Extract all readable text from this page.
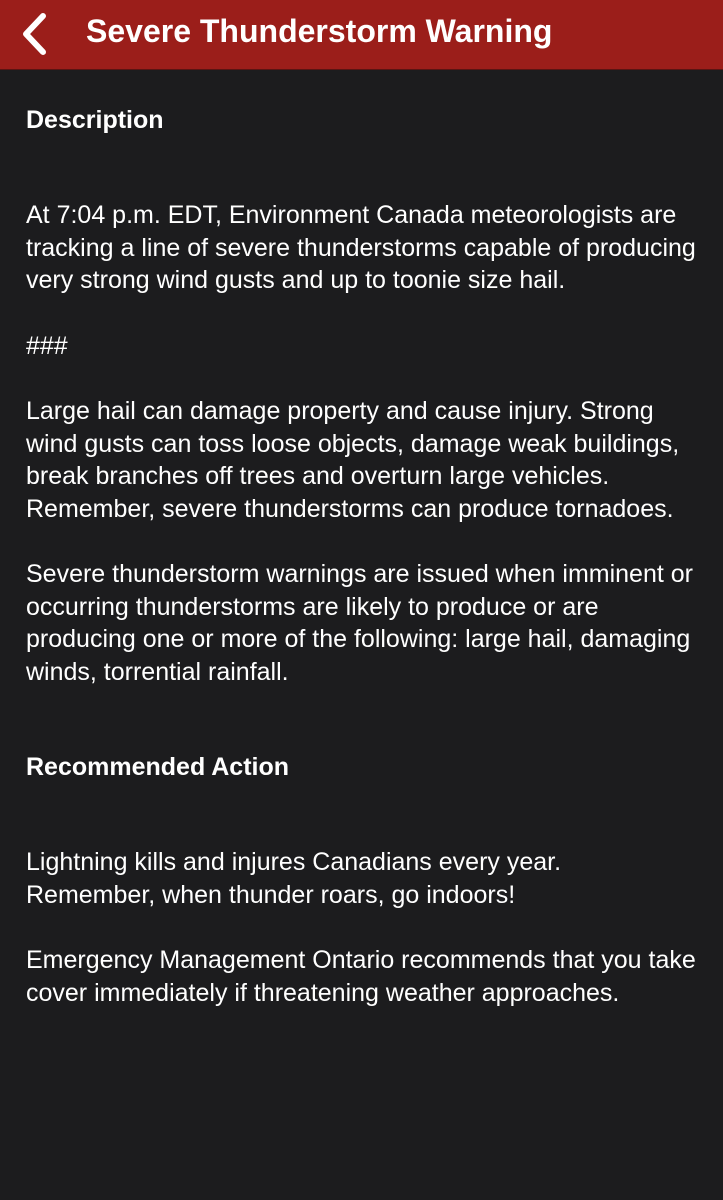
Severe Thunderstorm Warning
Description

At 7:04 p.m. EDT, Environment Canada meteorologists are tracking a line of severe thunderstorms capable of producing very strong wind gusts and up to toonie size hail.

###

Large hail can damage property and cause injury. Strong wind gusts can toss loose objects, damage weak buildings, break branches off trees and overturn large vehicles. Remember, severe thunderstorms can produce tornadoes.

Severe thunderstorm warnings are issued when imminent or occurring thunderstorms are likely to produce or are producing one or more of the following: large hail, damaging winds, torrential rainfall.

Recommended Action

Lightning kills and injures Canadians every year. Remember, when thunder roars, go indoors!

Emergency Management Ontario recommends that you take cover immediately if threatening weather approaches.
